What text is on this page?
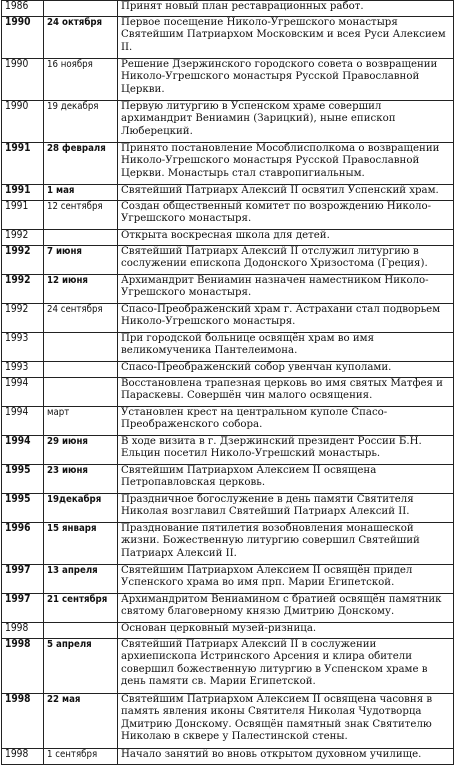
1986		Принят новый план реставрационных работ.
1990	24 октября	Первое посещение Николо-Угрешского монастыря Святейшим Патриархом Московским и всея Руси Алексием II.
1990	16 ноября	Решение Дзержинского городского совета о возвращении Николо-Угрешского монастыря Русской Православной Церкви.
1990	19 декабря	Первую литургию в Успенском храме совершил архимандрит Вениамин (Зарицкий), ныне епископ Люберецкий.
1991	28 февраля	Принято постановление Мособлисполкома о возвращении Николо-Угрешского монастыря Русской Православной Церкви. Монастырь стал ставропигиальным.
1991	1 мая	Святейший Патриарх Алексий II освятил Успенский храм.
1991	12 сентября	Создан общественный комитет по возрождению Николо-Угрешского монастыря.
1992		Открыта воскресная школа для детей.
1992	7 июня	Святейший Патриарх Алексий II отслужил литургию в сослужении епископа Додонского Хризостома (Греция).
1992	12 июня	Архимандрит Вениамин назначен наместником Николо-Угрешского монастыря.
1992	24 сентября	Спасо-Преображенский храм г. Астрахани стал подворьем Николо-Угрешского монастыря.
1993		При городской больнице освящён храм во имя великомученика Пантелеимона.
1993		Спасо-Преображенский собор увенчан куполами.
1994		Восстановлена трапезная церковь во имя святых Матфея и Параскевы. Совершён чин малого освящения.
1994	март	Установлен крест на центральном куполе Спасо-Преображенского собора.
1994	29 июня	В ходе визита в г. Дзержинский президент России Б.Н. Ельцин посетил Николо-Угрешский монастырь.
1995	23 июня	Святейшим Патриархом Алексием II освящена Петропавловская церковь.
1995	19декабря	Праздничное богослужение в день памяти Святителя Николая возглавил Святейший Патриарх Алексий II.
1996	15 января	Празднование пятилетия возобновления монашеской жизни. Божественную литургию совершил Святейший Патриарх Алексий II.
1997	13 апреля	Святейшим Патриархом Алексием II освящён придел Успенского храма во имя прп. Марии Египетской.
1997	21 сентября	Архимандритом Вениамином с братией освящён памятник святому благоверному князю Дмитрию Донскому.
1998		Основан церковный музей-ризница.
1998	5 апреля	Святейший Патриарх Алексий II в сослужении архиепископа Истринского Арсения и клира обители совершил божественную литургию в Успенском храме в день памяти св. Марии Египетской.
1998	22 мая	Святейшим Патриархом Алексием II освящена часовня в память явления иконы Святителя Николая Чудотворца Дмитрию Донскому. Освящён памятный знак Святителю Николаю в сквере у Палестинской стены.
1998	1 сентября	Начало занятий во вновь открытом духовном училище.
